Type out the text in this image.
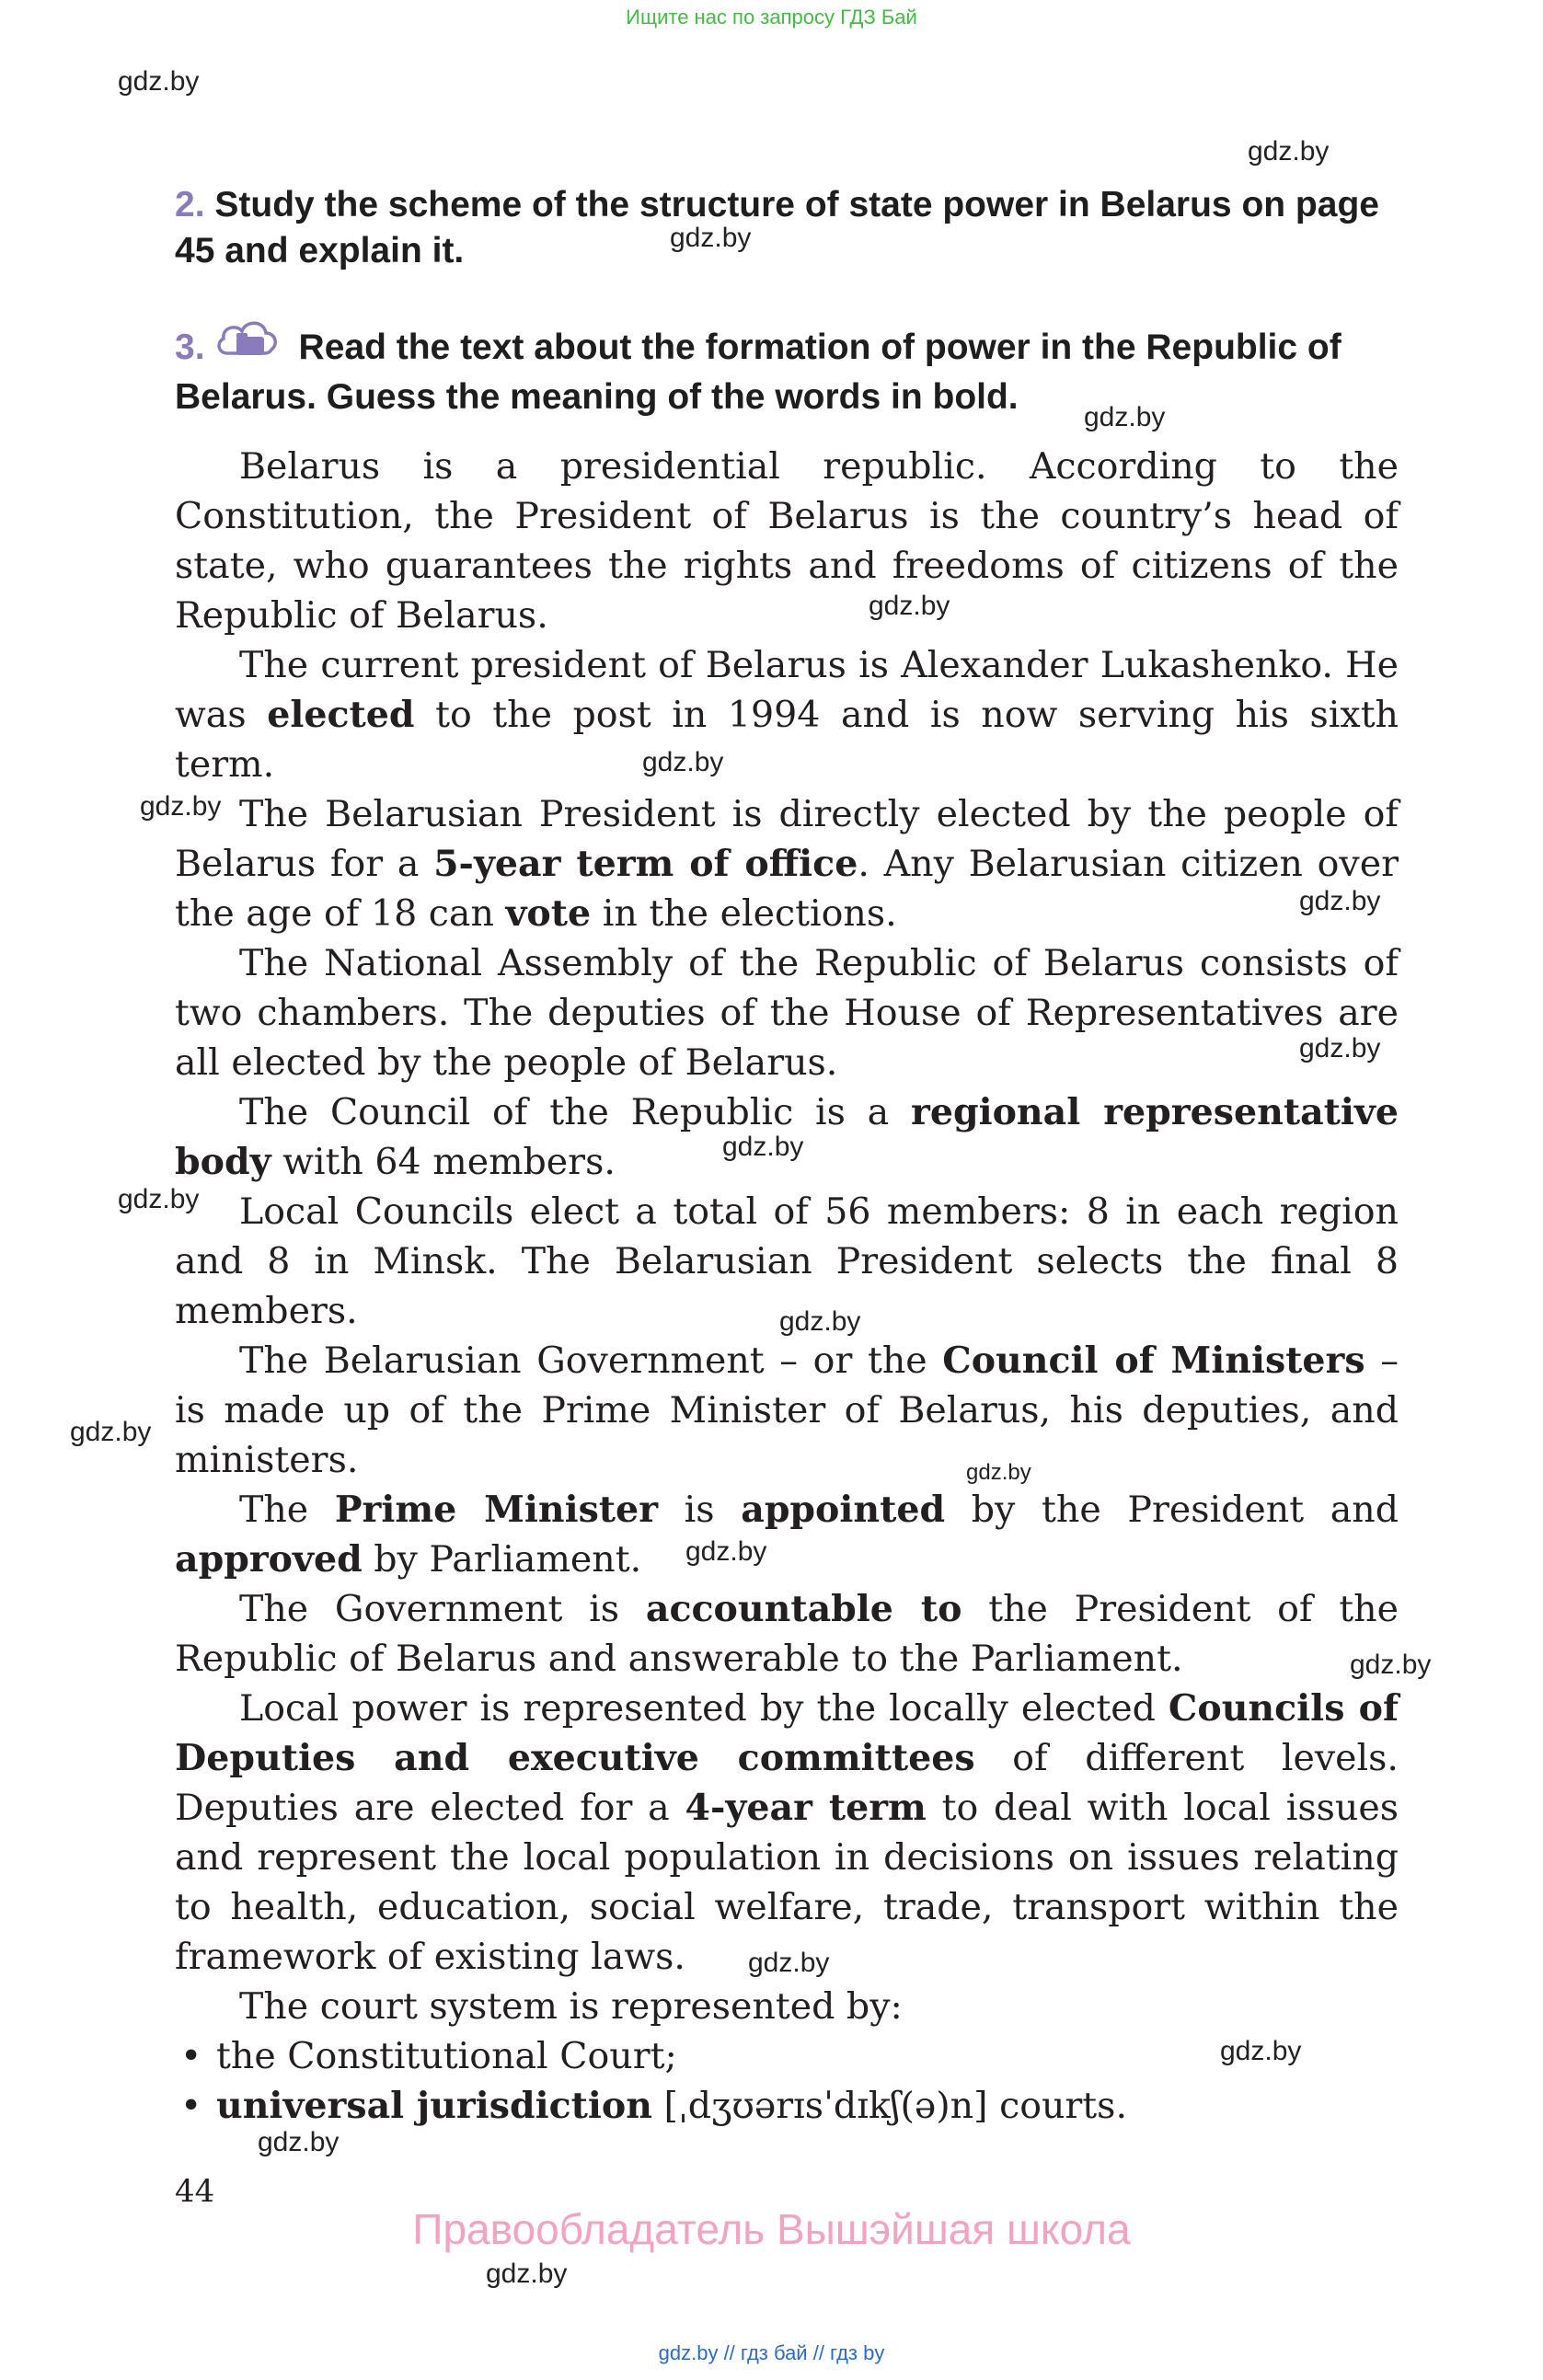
Ищите нас по запросу ГДЗ Бай
gdz.by
gdz.by
gdz.by
gdz.by
gdz.by
gdz.by
gdz.by
gdz.by
gdz.by
gdz.by
gdz.by
gdz.by
gdz.by
gdz.by
gdz.by
gdz.by
gdz.by
gdz.by
gdz.by
gdz.by
2. Study the scheme of the structure of state power in Belarus on page 45 and explain it.
3.	Read the text about the formation of power in the Republic of Belarus. Guess the meaning of the words in bold.

Belarus is a presidential republic. According to the Constitution, the President of Belarus is the country’s head of state, who guarantees the rights and freedoms of citizens of the Republic of Belarus.

The current president of Belarus is Alexander Lukashenko. He was elected to the post in 1994 and is now serving his sixth term.

The Belarusian President is directly elected by the people of Belarus for a 5-year term of office. Any Belarusian citizen over the age of 18 can vote in the elections.

The National Assembly of the Republic of Belarus consists of two chambers. The deputies of the House of Representatives are all elected by the people of Belarus.

The Council of the Republic is a regional representative body with 64 members.

Local Councils elect a total of 56 members: 8 in each region and 8 in Minsk. The Belarusian President selects the final 8 members.

The Belarusian Government – or the Council of Ministers – is made up of the Prime Minister of Belarus, his deputies, and ministers.

The Prime Minister is appointed by the President and approved by Parliament.

The Government is accountable to the President of the Republic of Belarus and answerable to the Parliament.

Local power is represented by the locally elected Councils of Deputies and executive committees of different levels. Deputies are elected for a 4-year term to deal with local issues and represent the local population in decisions on issues relating to health, education, social welfare, trade, transport within the framework of existing laws.

The court system is represented by:

• the Constitutional Court;
• universal jurisdiction [ˌdʒʊərɪsˈdɪkʃ(ə)n] courts.
44
Правообладатель Вышэйшая школа
gdz.by // гдз бай // гдз by
